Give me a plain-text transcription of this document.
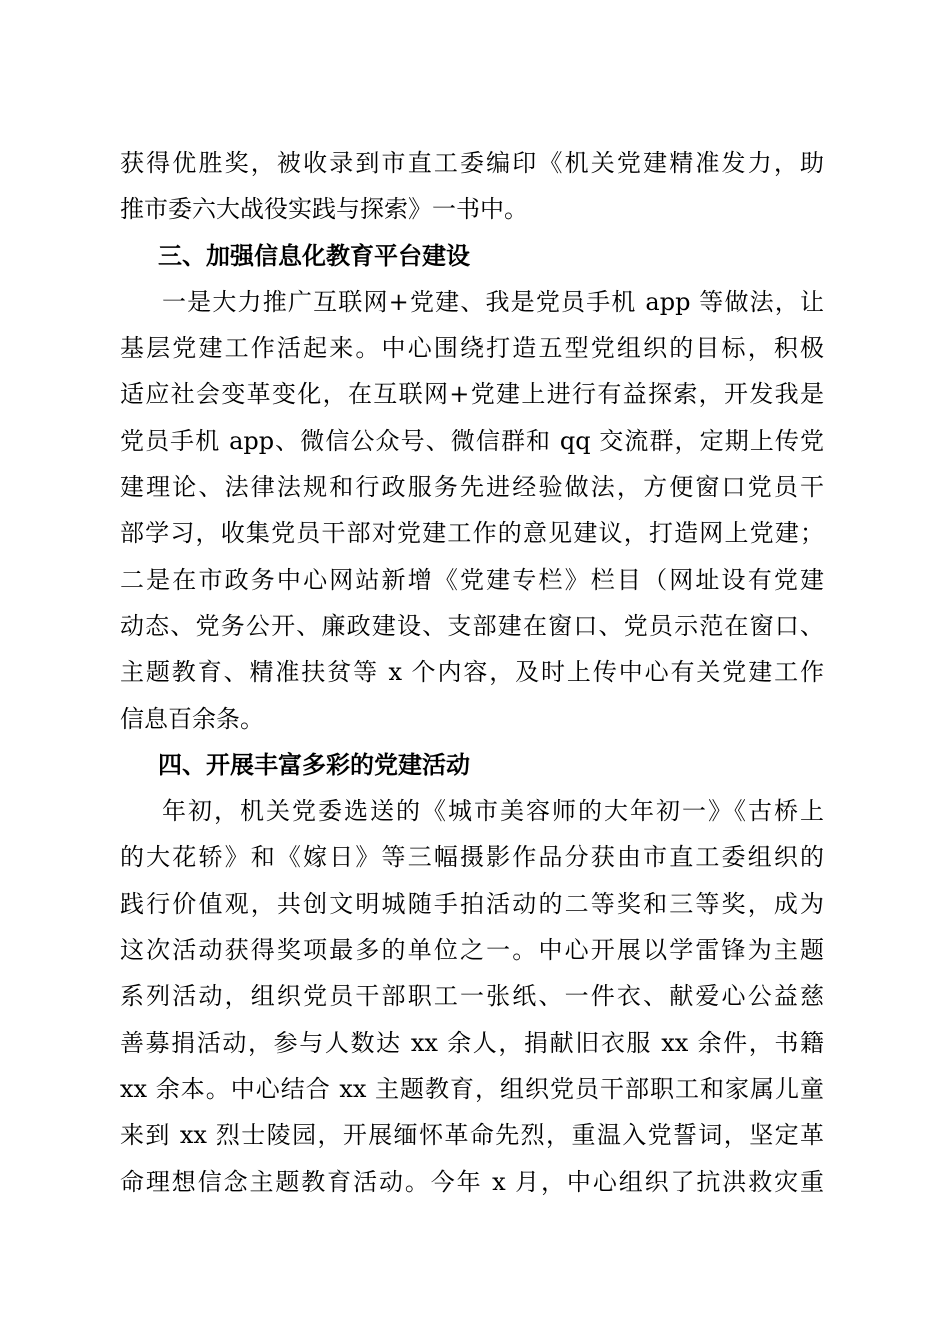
获得优胜奖，被收录到市直工委编印《机关党建精准发力，助
推市委六大战役实践与探索》一书中。
三、加强信息化教育平台建设
一是大力推广互联网+党建、我是党员手机 app 等做法，让
基层党建工作活起来。中心围绕打造五型党组织的目标，积极
适应社会变革变化，在互联网+党建上进行有益探索，开发我是
党员手机 app、微信公众号、微信群和 qq 交流群，定期上传党
建理论、法律法规和行政服务先进经验做法，方便窗口党员干
部学习，收集党员干部对党建工作的意见建议，打造网上党建；
二是在市政务中心网站新增《党建专栏》栏目（网址设有党建
动态、党务公开、廉政建设、支部建在窗口、党员示范在窗口、
主题教育、精准扶贫等 x 个内容，及时上传中心有关党建工作
信息百余条。
四、开展丰富多彩的党建活动
年初，机关党委选送的《城市美容师的大年初一》《古桥上
的大花轿》和《嫁日》等三幅摄影作品分获由市直工委组织的
践行价值观，共创文明城随手拍活动的二等奖和三等奖，成为
这次活动获得奖项最多的单位之一。中心开展以学雷锋为主题
系列活动，组织党员干部职工一张纸、一件衣、献爱心公益慈
善募捐活动，参与人数达 xx 余人，捐献旧衣服 xx 余件，书籍
xx 余本。中心结合 xx 主题教育，组织党员干部职工和家属儿童
来到 xx 烈士陵园，开展缅怀革命先烈，重温入党誓词，坚定革
命理想信念主题教育活动。今年 x 月，中心组织了抗洪救灾重
